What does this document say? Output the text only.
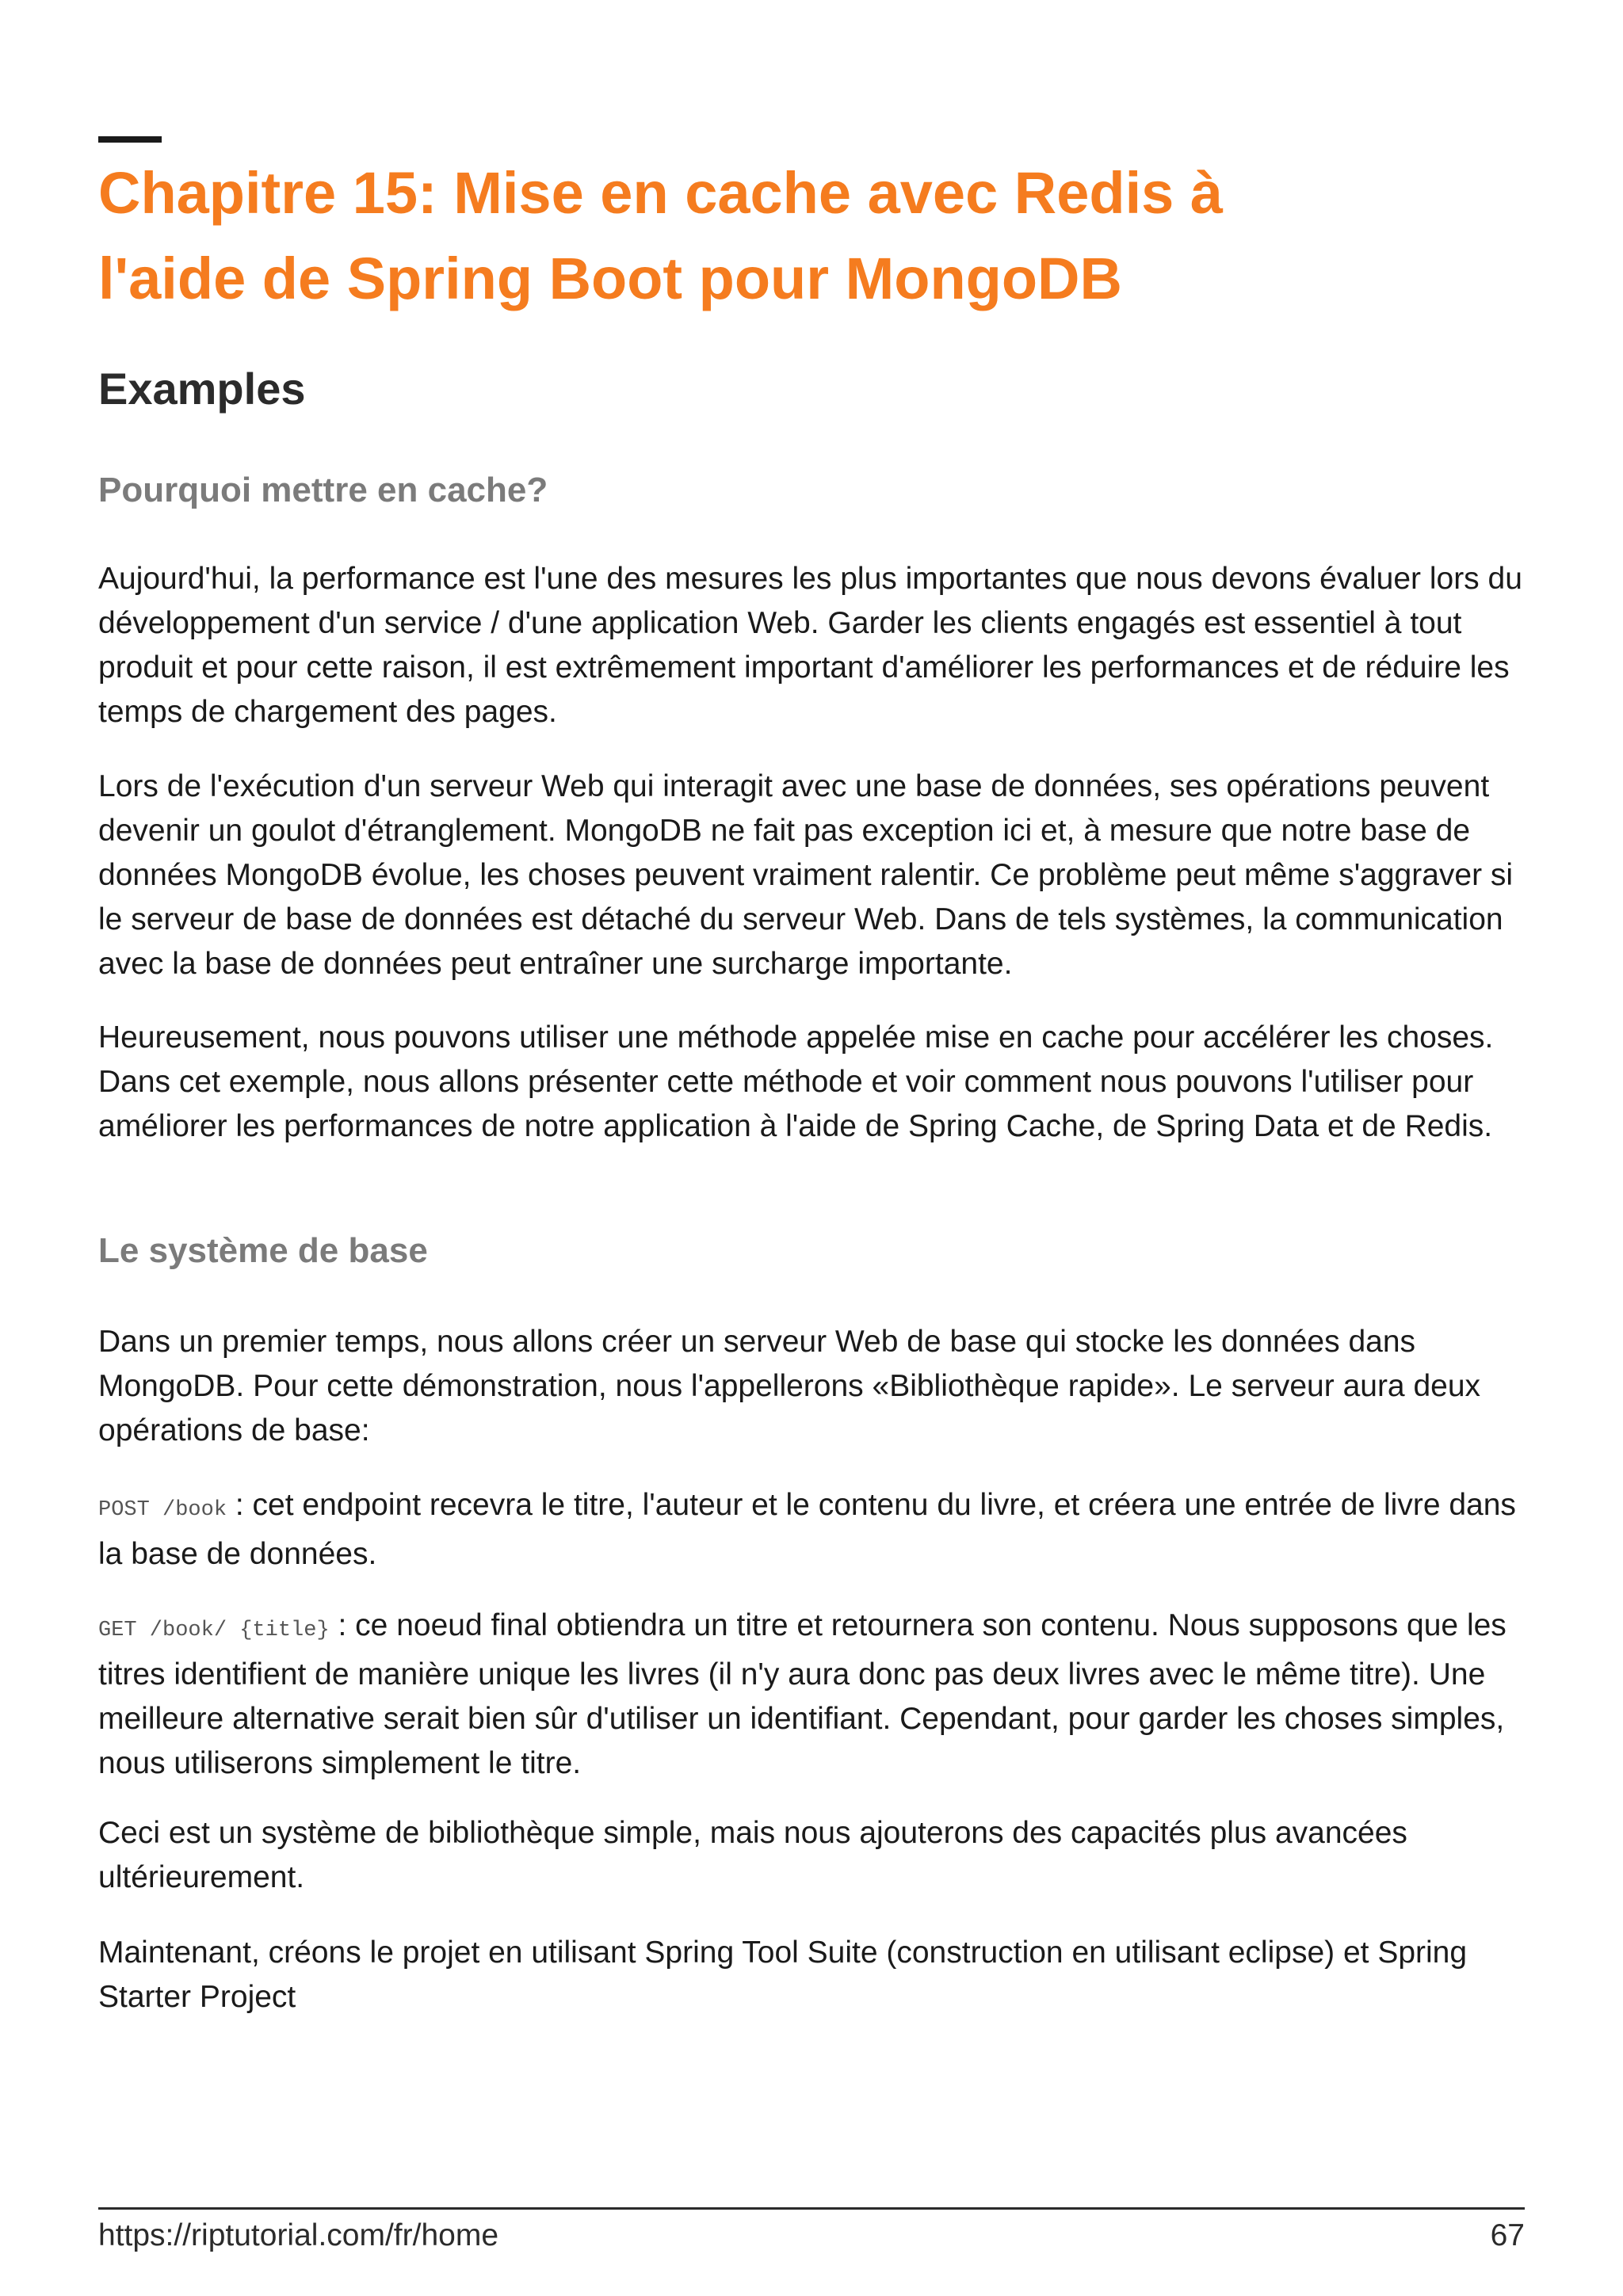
Chapitre 15: Mise en cache avec Redis à
l'aide de Spring Boot pour MongoDB
Examples
Pourquoi mettre en cache?

Aujourd'hui, la performance est l'une des mesures les plus importantes que nous devons évaluer lors du développement d'un service / d'une application Web. Garder les clients engagés est essentiel à tout produit et pour cette raison, il est extrêmement important d'améliorer les performances et de réduire les temps de chargement des pages.

Lors de l'exécution d'un serveur Web qui interagit avec une base de données, ses opérations peuvent devenir un goulot d'étranglement. MongoDB ne fait pas exception ici et, à mesure que notre base de données MongoDB évolue, les choses peuvent vraiment ralentir. Ce problème peut même s'aggraver si le serveur de base de données est détaché du serveur Web. Dans de tels systèmes, la communication avec la base de données peut entraîner une surcharge importante.

Heureusement, nous pouvons utiliser une méthode appelée mise en cache pour accélérer les choses. Dans cet exemple, nous allons présenter cette méthode et voir comment nous pouvons l'utiliser pour améliorer les performances de notre application à l'aide de Spring Cache, de Spring Data et de Redis.

Le système de base

Dans un premier temps, nous allons créer un serveur Web de base qui stocke les données dans MongoDB. Pour cette démonstration, nous l'appellerons «Bibliothèque rapide». Le serveur aura deux opérations de base:

POST /book : cet endpoint recevra le titre, l'auteur et le contenu du livre, et créera une entrée de livre dans la base de données.

GET /book/ {title} : ce noeud final obtiendra un titre et retournera son contenu. Nous supposons que les titres identifient de manière unique les livres (il n'y aura donc pas deux livres avec le même titre). Une meilleure alternative serait bien sûr d'utiliser un identifiant. Cependant, pour garder les choses simples, nous utiliserons simplement le titre.

Ceci est un système de bibliothèque simple, mais nous ajouterons des capacités plus avancées ultérieurement.

Maintenant, créons le projet en utilisant Spring Tool Suite (construction en utilisant eclipse) et Spring Starter Project

https://riptutorial.com/fr/home	67
